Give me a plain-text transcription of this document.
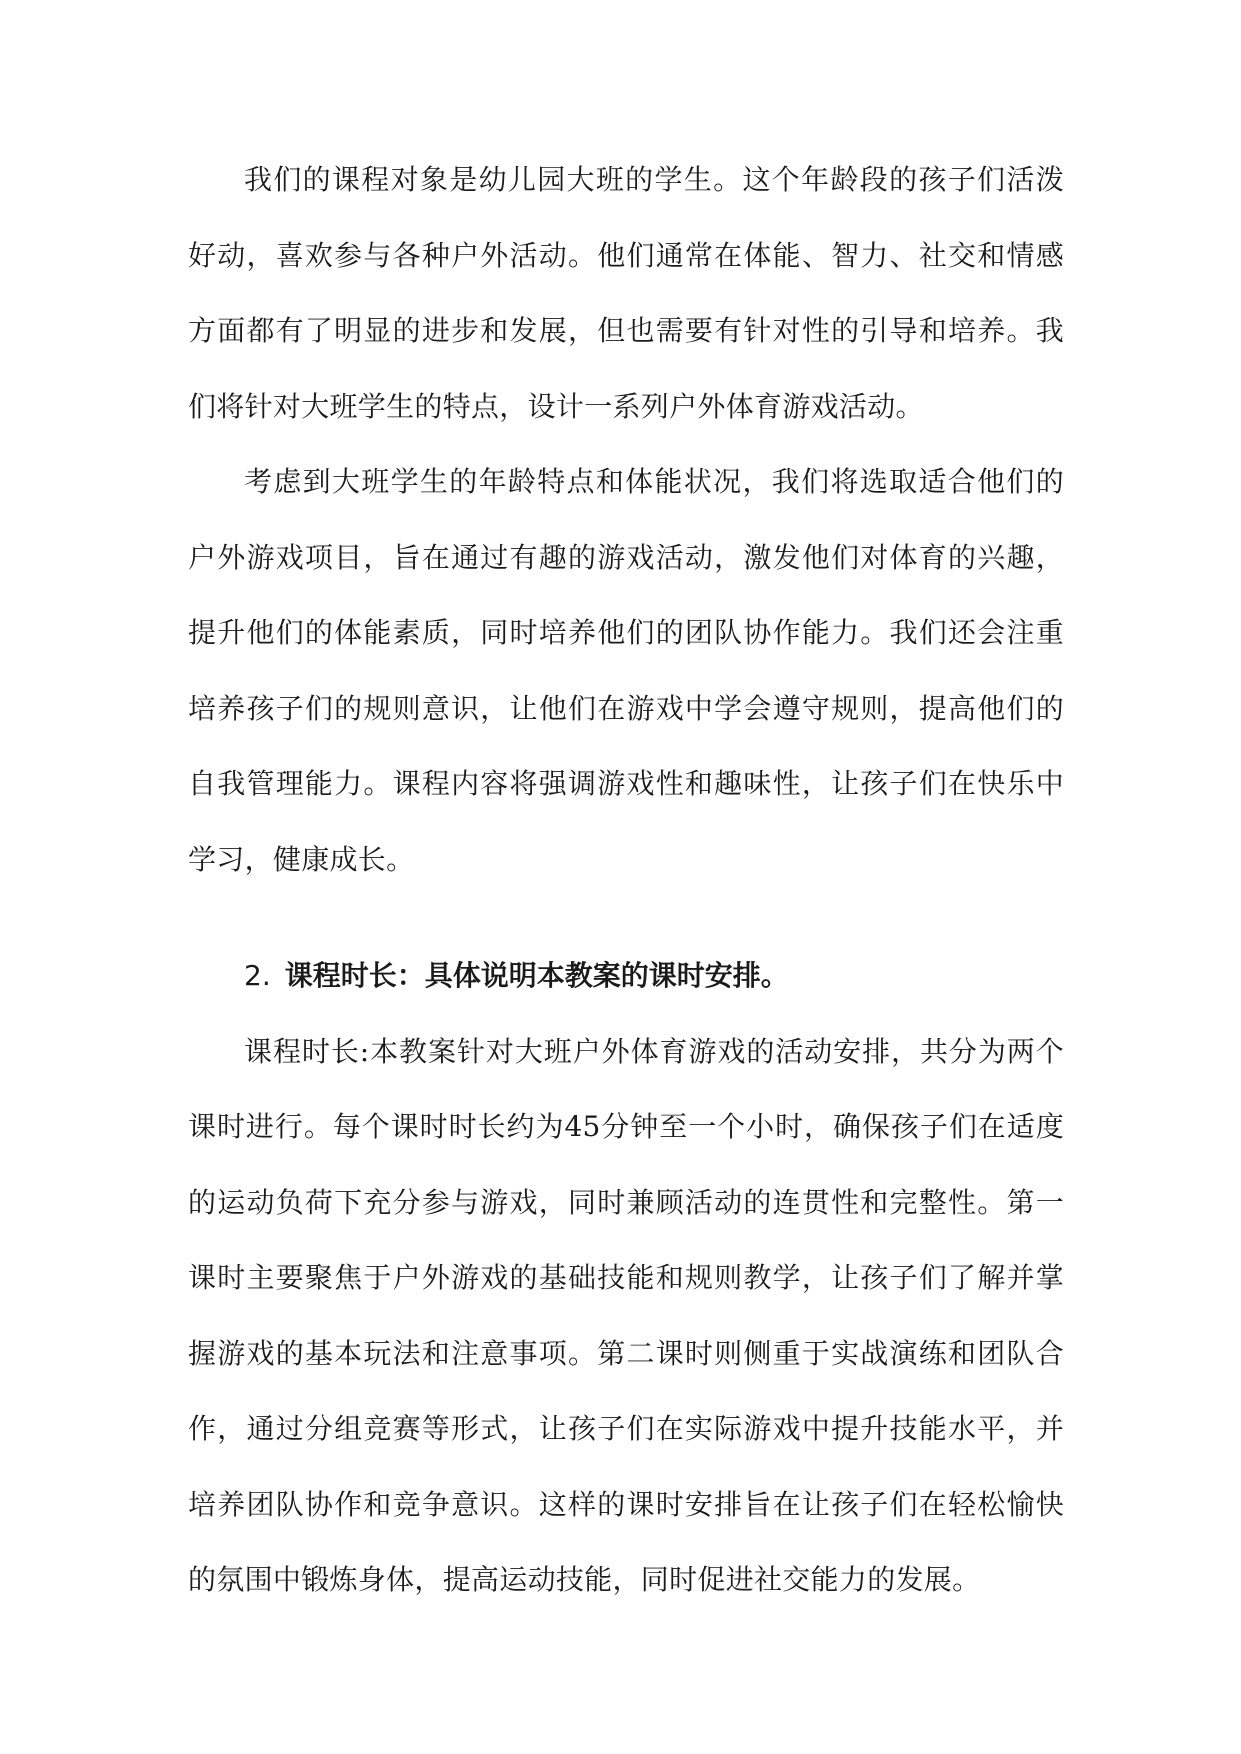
我们的课程对象是幼儿园大班的学生。这个年龄段的孩子们活泼好动，喜欢参与各种户外活动。他们通常在体能、智力、社交和情感方面都有了明显的进步和发展，但也需要有针对性的引导和培养。我们将针对大班学生的特点，设计一系列户外体育游戏活动。

考虑到大班学生的年龄特点和体能状况，我们将选取适合他们的户外游戏项目，旨在通过有趣的游戏活动，激发他们对体育的兴趣，提升他们的体能素质，同时培养他们的团队协作能力。我们还会注重培养孩子们的规则意识，让他们在游戏中学会遵守规则，提高他们的自我管理能力。课程内容将强调游戏性和趣味性，让孩子们在快乐中学习，健康成长。

2. 课程时长：具体说明本教案的课时安排。

课程时长:本教案针对大班户外体育游戏的活动安排，共分为两个课时进行。每个课时时长约为45分钟至一个小时，确保孩子们在适度的运动负荷下充分参与游戏，同时兼顾活动的连贯性和完整性。第一课时主要聚焦于户外游戏的基础技能和规则教学，让孩子们了解并掌握游戏的基本玩法和注意事项。第二课时则侧重于实战演练和团队合作，通过分组竞赛等形式，让孩子们在实际游戏中提升技能水平，并培养团队协作和竞争意识。这样的课时安排旨在让孩子们在轻松愉快的氛围中锻炼身体，提高运动技能，同时促进社交能力的发展。
